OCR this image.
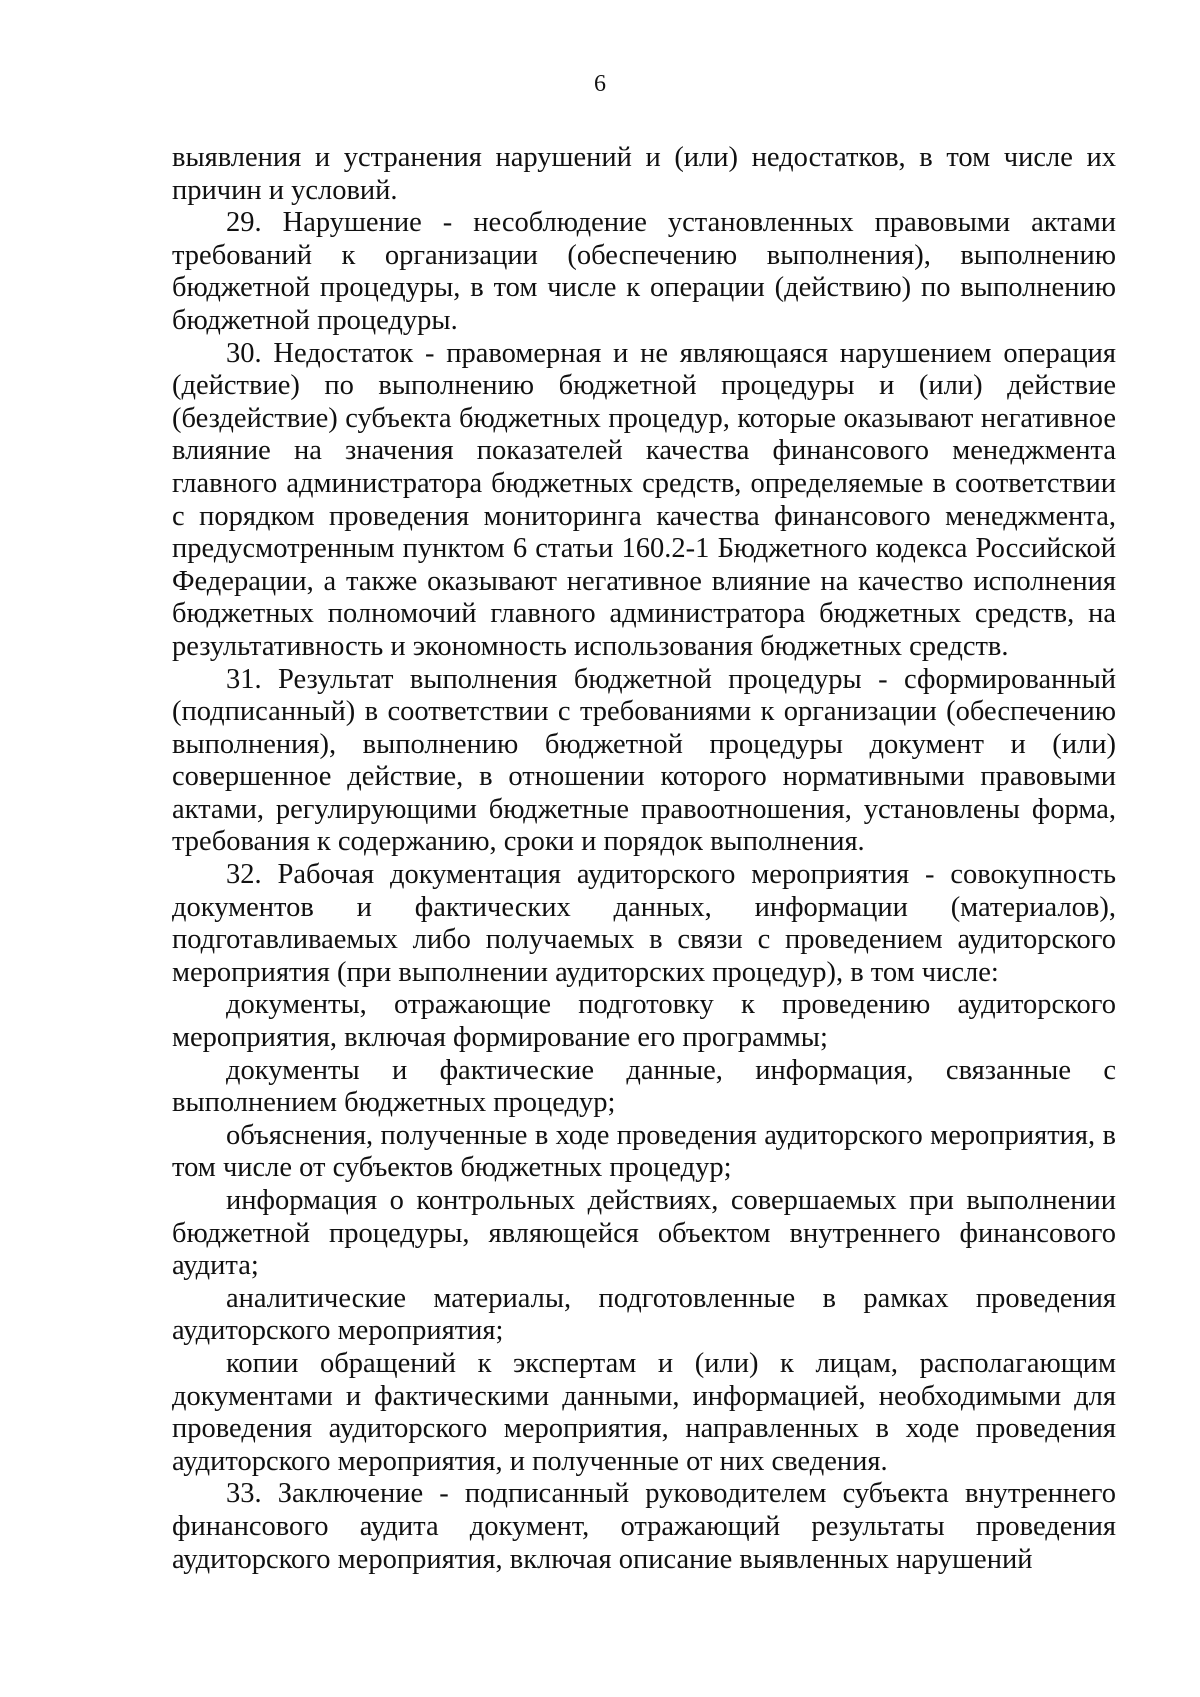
6

выявления и устранения нарушений и (или) недостатков, в том числе их причин и условий.

29. Нарушение - несоблюдение установленных правовыми актами требований к организации (обеспечению выполнения), выполнению бюджетной процедуры, в том числе к операции (действию) по выполнению бюджетной процедуры.

30. Недостаток - правомерная и не являющаяся нарушением операция (действие) по выполнению бюджетной процедуры и (или) действие (бездействие) субъекта бюджетных процедур, которые оказывают негативное влияние на значения показателей качества финансового менеджмента главного администратора бюджетных средств, определяемые в соответствии с порядком проведения мониторинга качества финансового менеджмента, предусмотренным пунктом 6 статьи 160.2-1 Бюджетного кодекса Российской Федерации, а также оказывают негативное влияние на качество исполнения бюджетных полномочий главного администратора бюджетных средств, на результативность и экономность использования бюджетных средств.

31. Результат выполнения бюджетной процедуры - сформированный (подписанный) в соответствии с требованиями к организации (обеспечению выполнения), выполнению бюджетной процедуры документ и (или) совершенное действие, в отношении которого нормативными правовыми актами, регулирующими бюджетные правоотношения, установлены форма, требования к содержанию, сроки и порядок выполнения.

32. Рабочая документация аудиторского мероприятия - совокупность документов и фактических данных, информации (материалов), подготавливаемых либо получаемых в связи с проведением аудиторского мероприятия (при выполнении аудиторских процедур), в том числе:

документы, отражающие подготовку к проведению аудиторского мероприятия, включая формирование его программы;

документы и фактические данные, информация, связанные с выполнением бюджетных процедур;

объяснения, полученные в ходе проведения аудиторского мероприятия, в том числе от субъектов бюджетных процедур;

информация о контрольных действиях, совершаемых при выполнении бюджетной процедуры, являющейся объектом внутреннего финансового аудита;

аналитические материалы, подготовленные в рамках проведения аудиторского мероприятия;

копии обращений к экспертам и (или) к лицам, располагающим документами и фактическими данными, информацией, необходимыми для проведения аудиторского мероприятия, направленных в ходе проведения аудиторского мероприятия, и полученные от них сведения.

33. Заключение - подписанный руководителем субъекта внутреннего финансового аудита документ, отражающий результаты проведения аудиторского мероприятия, включая описание выявленных нарушений
